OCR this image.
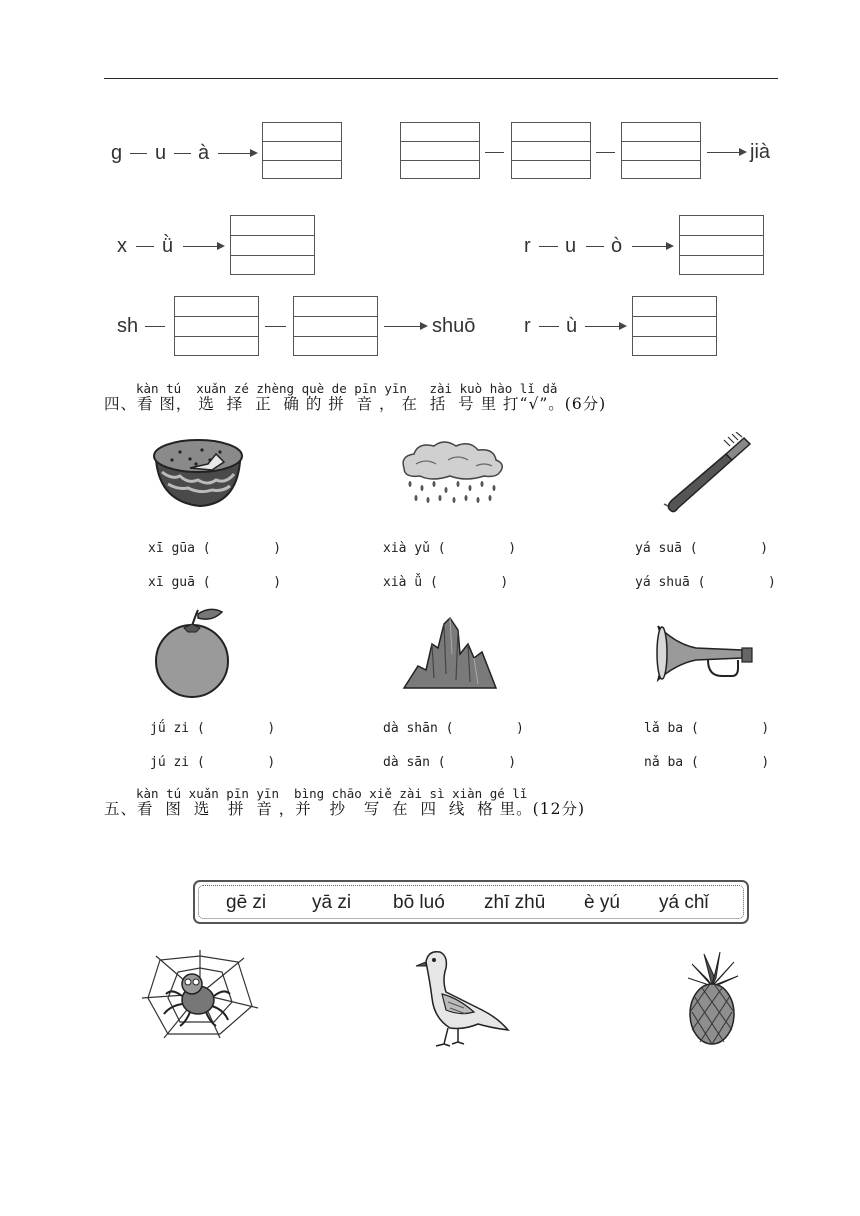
g u à	jià
x ǜ	r u ò
sh	shuō r ù
kàn tú  xuǎn zé zhèng què de pīn yīn   zài kuò hào lǐ dǎ
四、看 图， 选  择  正  确 的 拼  音 ， 在  括  号 里 打“√”。(6分)
xī gūa (        )
xī guā (        )
xià yǔ (        )
xià ǚ (        )
yá suā (        )
yá shuā (        )
jǘ zi (        )
jú zi (        )
dà shān (        )
dà sān (        )
lǎ ba (        )
nǎ ba (        )
kàn tú xuǎn pīn yīn  bìng chāo xiě zài sì xiàn gé lǐ
五、看  图  选   拼  音 ，并   抄   写  在  四  线  格 里。(12分)
gē zi yā zi bō luó zhī zhū è yú yá chǐ
